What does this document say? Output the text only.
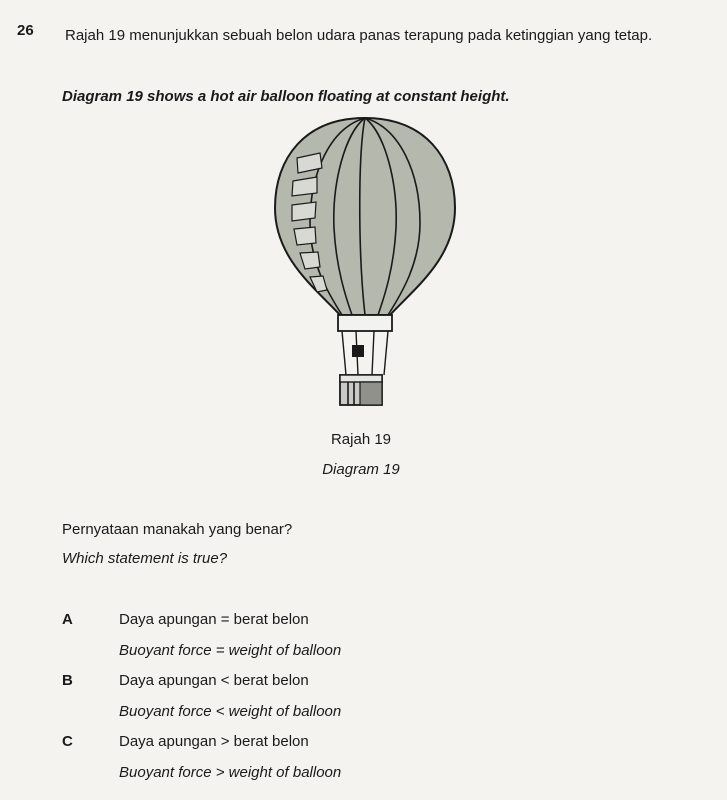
26 Rajah 19 menunjukkan sebuah belon udara panas terapung pada ketinggian yang tetap.
Diagram 19 shows a hot air balloon floating at constant height.
Rajah 19
Diagram 19
Pernyataan manakah yang benar?
Which statement is true?
A	Daya apungan = berat belon
Buoyant force = weight of balloon
B	Daya apungan < berat belon
Buoyant force < weight of balloon
C	Daya apungan > berat belon
Buoyant force > weight of balloon
